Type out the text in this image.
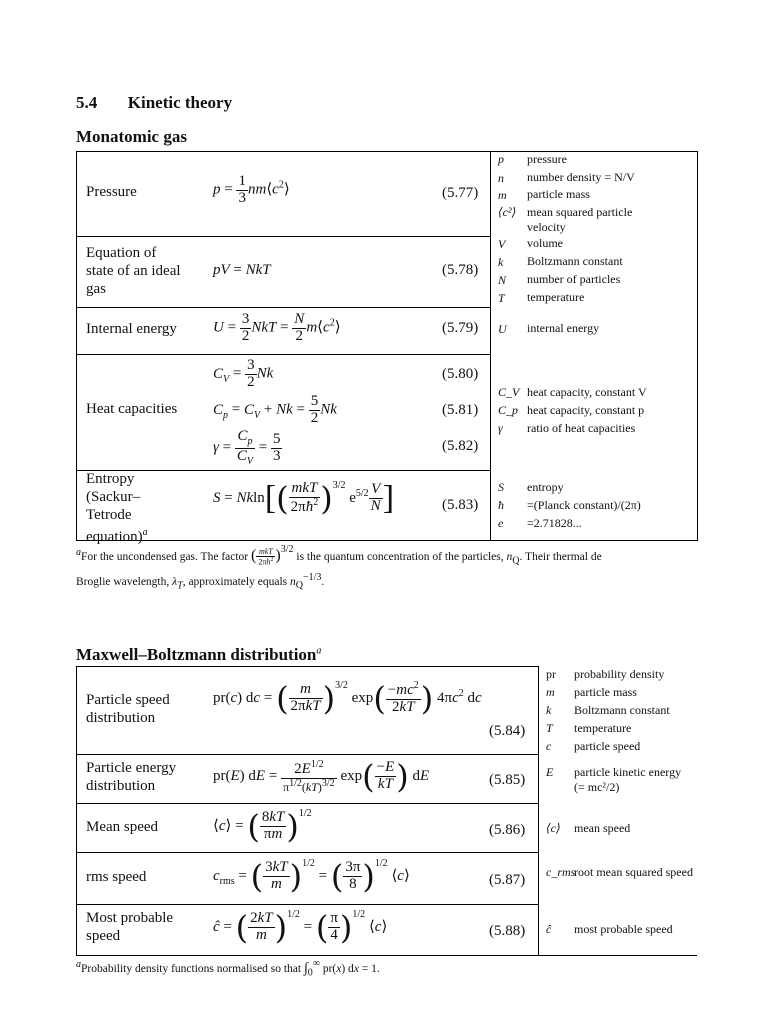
5.4 Kinetic theory
Monatomic gas
Pressure
Equation of state of an ideal gas
Internal energy
Heat capacities
Entropy (Sackur–Tetrode equation)$^a$
$p = \frac{1}{3}$ $nm⟨c^2⟩$
pV = NkT
$U = \frac{3}{2}$ NkT = $\frac{N}{2}$ $m⟨c^2⟩$
$C_V = \frac{3}{2}$ Nk
$C_p = C_V + Nk = \frac{5}{2}$ Nk
$\gamma = \frac{C_p}{C_V} = \frac{5}{3}$
$S = Nkln[( \frac{\text{mkT}}{2\pi ħ^2} )^{3/2}$ $e^{5/2} \frac{V}{N}$ ]
(5.77)
(5.78)
(5.79)
(5.80)
(5.81)
(5.82)
(5.83)
p pressure
n number density = N/V
m particle mass
⟨c²⟩ mean squared particle velocity
V volume
k Boltzmann constant
N number of particles
T temperature
U internal energy
C_V heat capacity, constant V
C_p heat capacity, constant p
γ ratio of heat capacities
S entropy
ħ =(Planck constant)/(2π)
e =2.71828...
$^a$For the uncondensed gas. The factor ( $\frac{\text{mkT}}{2\pi ħ^2} )^{3/2}$ is the quantum concentration of the particles, $n_Q$. Their thermal de
Broglie wavelength, $\lambda_T$, approximately equals $n_Q^{-1/3}$.
Maxwell–Boltzmann distribution$^a$
Particle speed distribution
Particle energy distribution
Mean speed
rms speed
Most probable speed
pr(c) dc = ( $\frac{m}{\text{2πkT}} )^{3/2}$ $\exp( \frac{-mc^2}{2kT}$ ) $4\pi c^2$ dc
pr(E) dE = $\frac{2E^{1/2}}{\pi^{1/2}(kT)^{3/2}} \exp( \frac{-E}{kT}$ ) dE
⟨c⟩ = ( $\frac{8kT}{\pi m} )^{1/2}$
$c_{rms}$ = ( $\frac{3kT}{m} )^{1/2}$ = ( $\frac{3\pi}{8} )^{1/2}$ ⟨c⟩
ĉ = ( $\frac{2kT}{m} )^{1/2}$ = ( $\frac{\pi}{4} )^{1/2}$ ⟨c⟩
(5.84)
(5.85)
(5.86)
(5.87)
(5.88)
pr probability density
m particle mass
k Boltzmann constant
T temperature
c particle speed
E particle kinetic energy (= mc²/2)
⟨c⟩ mean speed
c_rms
root mean squared speed
ĉ most probable speed
$^a$Probability density functions normalised so that $\int_0^\infty$ pr(x) dx = 1.
